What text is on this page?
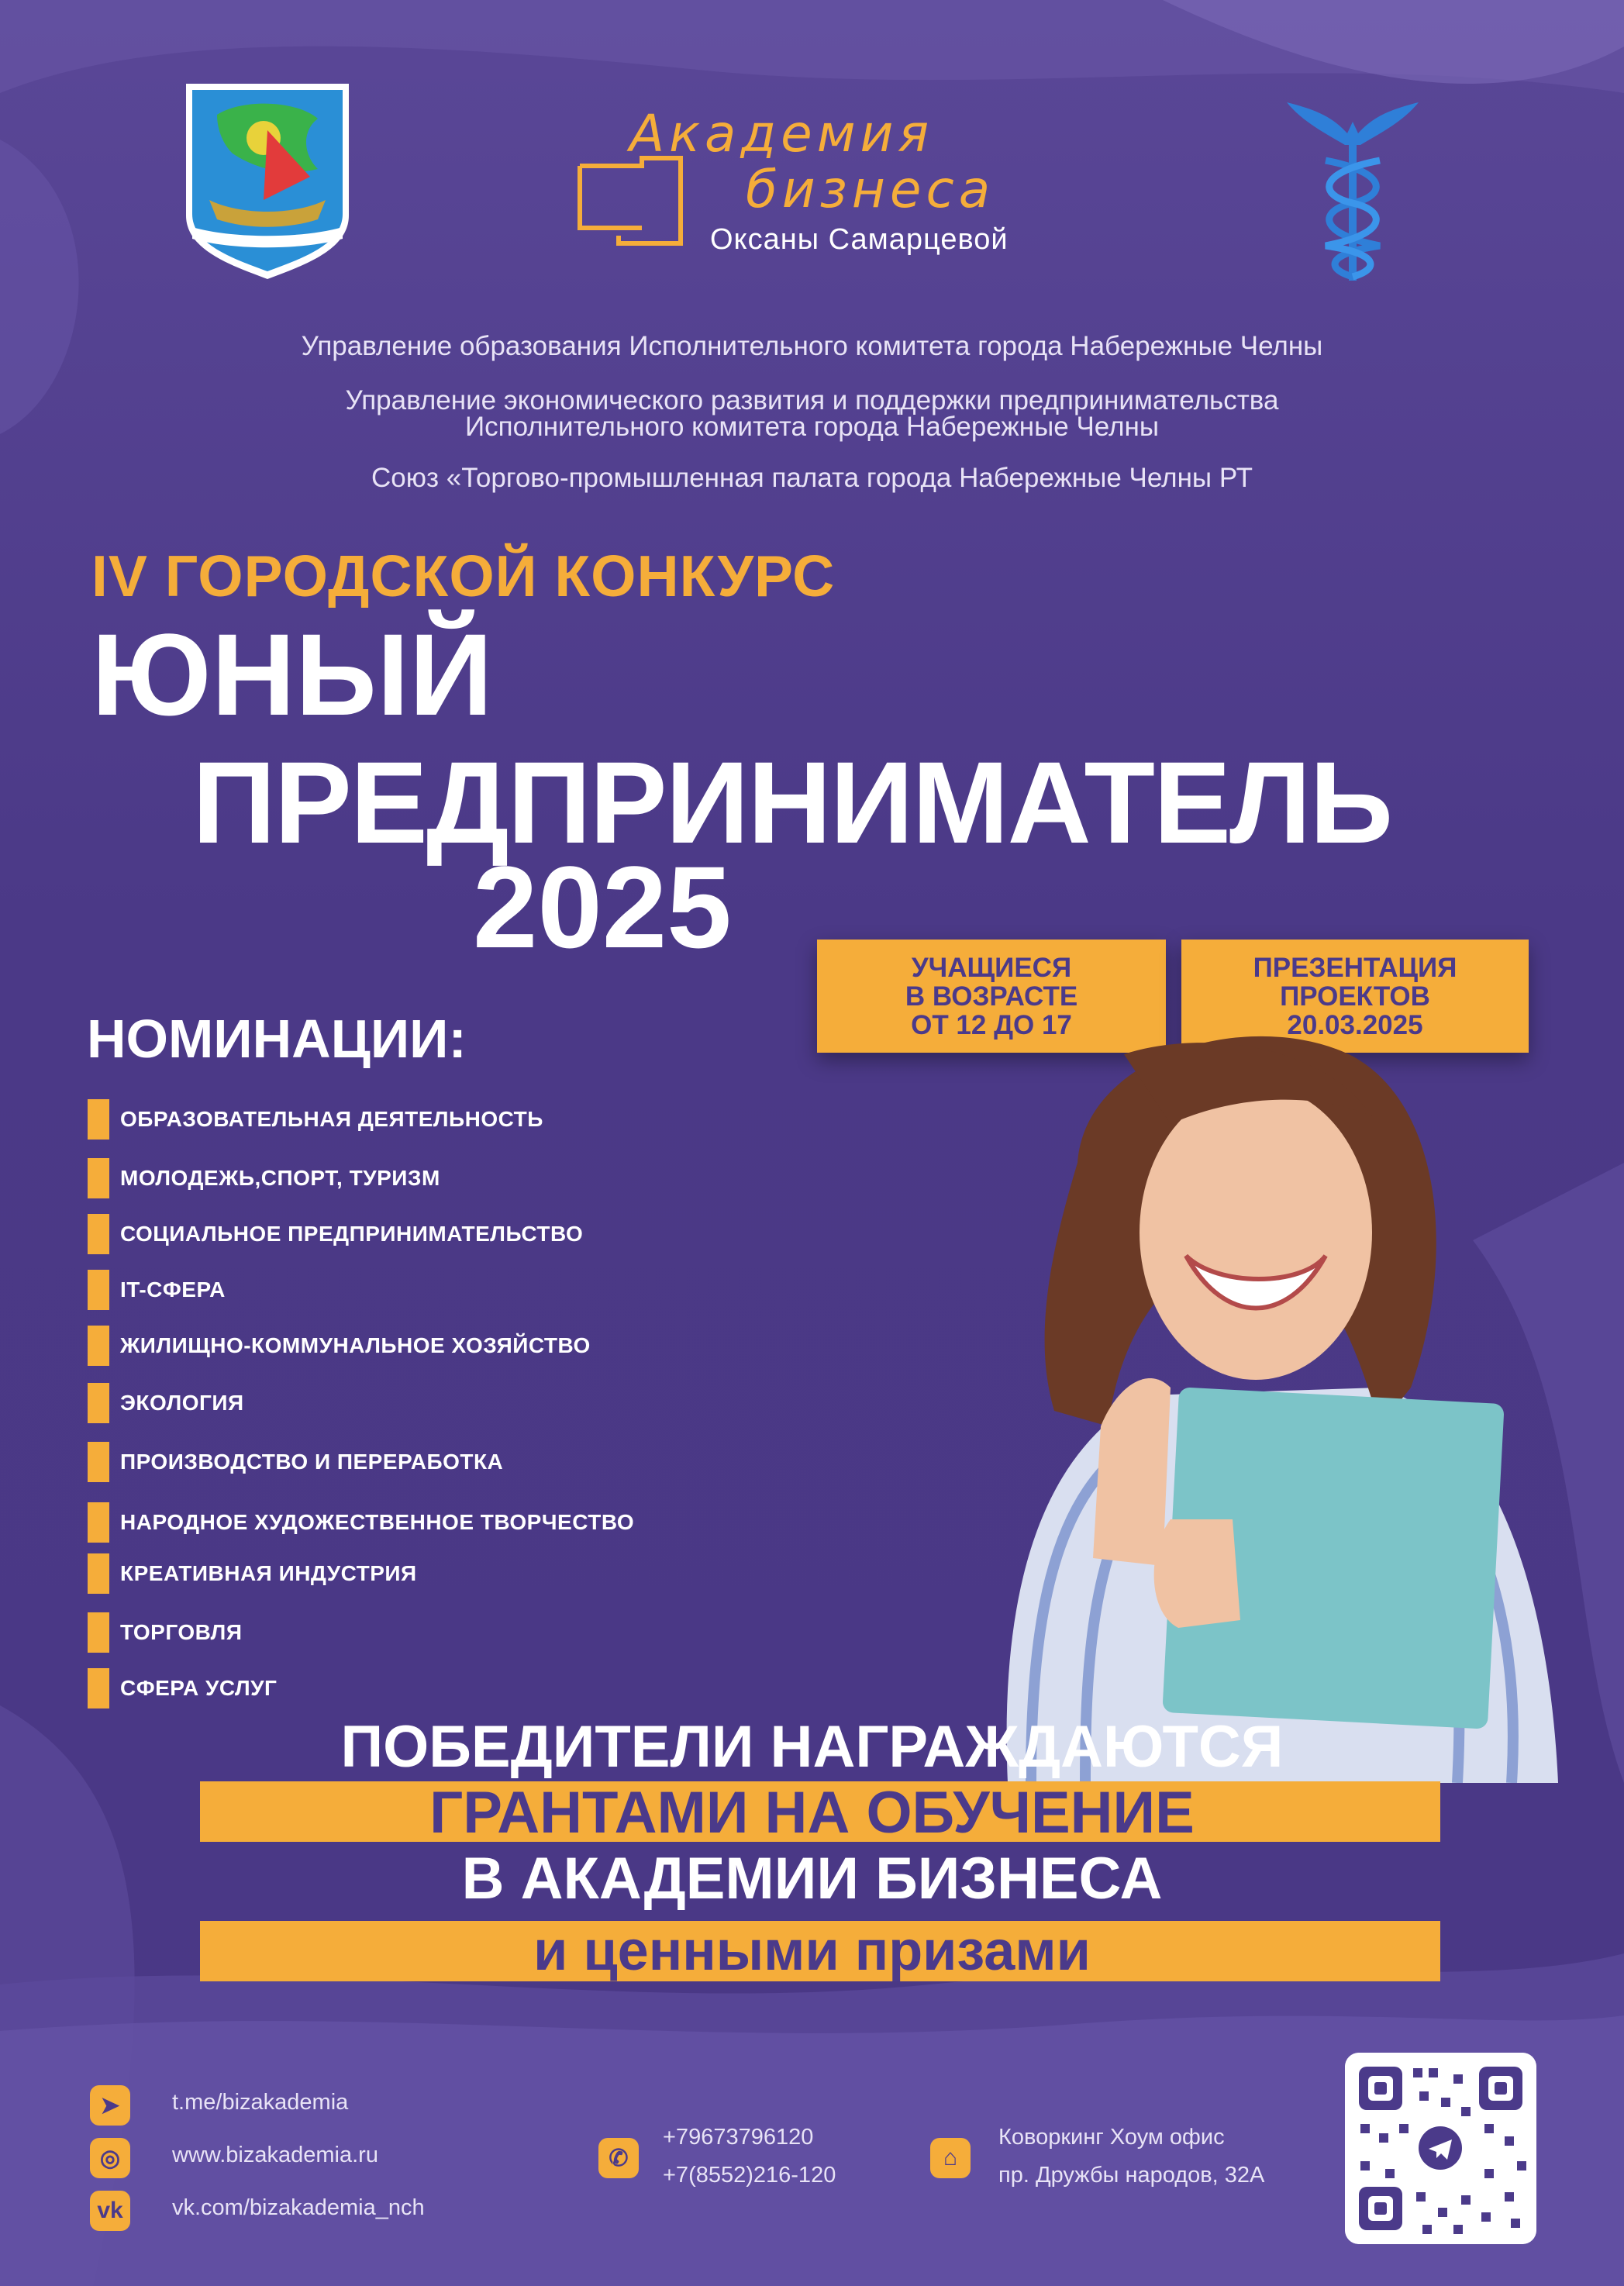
Академия
бизнеса
Оксаны Самарцевой
Управление образования Исполнительного комитета города Набережные Челны
Управление экономического развития и поддержки предпринимательства
Исполнительного комитета города Набережные Челны
Союз «Торгово-промышленная палата города Набережные Челны РТ
IV ГОРОДСКОЙ КОНКУРС
ЮНЫЙ
ПРЕДПРИНИМАТЕЛЬ
2025	УЧАЩИЕСЯ
В ВОЗРАСТЕ
ОТ 12 ДО 17
ПРЕЗЕНТАЦИЯ
ПРОЕКТОВ
20.03.2025
НОМИНАЦИИ:
ОБРАЗОВАТЕЛЬНАЯ ДЕЯТЕЛЬНОСТЬ
МОЛОДЕЖЬ,СПОРТ, ТУРИЗМ
СОЦИАЛЬНОЕ ПРЕДПРИНИМАТЕЛЬСТВО
IT-СФЕРА
ЖИЛИЩНО-КОММУНАЛЬНОЕ ХОЗЯЙСТВО
ЭКОЛОГИЯ
ПРОИЗВОДСТВО И ПЕРЕРАБОТКА
НАРОДНОЕ ХУДОЖЕСТВЕННОЕ ТВОРЧЕСТВО
КРЕАТИВНАЯ ИНДУСТРИЯ
ТОРГОВЛЯ
СФЕРА УСЛУГ
ПОБЕДИТЕЛИ НАГРАЖДАЮТСЯ
ГРАНТАМИ НА ОБУЧЕНИЕ
В АКАДЕМИИ БИЗНЕСА
и ценными призами
➤	t.me/bizakademia
◎	www.bizakademia.ru
vk	vk.com/bizakademia_nch
✆
+79673796120
+7(8552)216-120
⌂
Коворкинг Хоум офис
пр. Дружбы народов, 32А
